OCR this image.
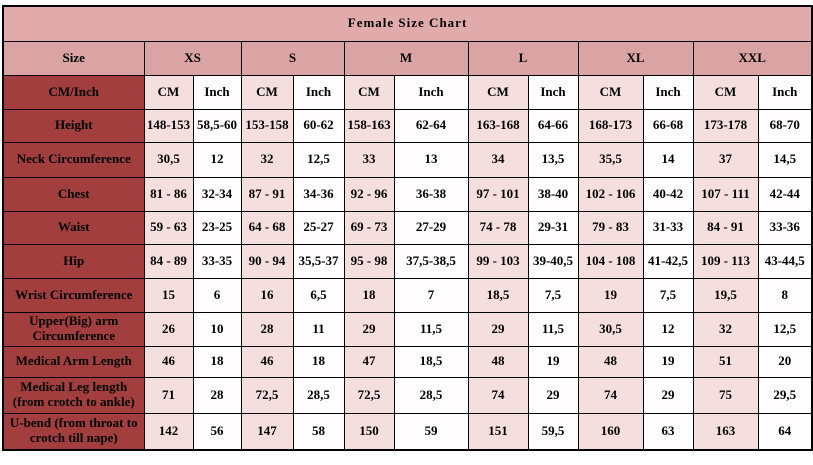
Female Size Chart												
Size	XS		S		M		L		XL		XXL	
CM/Inch	CM	Inch	CM	Inch	CM	Inch	CM	Inch	CM	Inch	CM	Inch
Height	148-153	58,5-60	153-158	60-62	158-163	62-64	163-168	64-66	168-173	66-68	173-178	68-70
Neck Circumference	30,5	12	32	12,5	33	13	34	13,5	35,5	14	37	14,5
Chest	81 - 86	32-34	87 - 91	34-36	92 - 96	36-38	97 - 101	38-40	102 - 106	40-42	107 - 111	42-44
Waist	59 - 63	23-25	64 - 68	25-27	69 - 73	27-29	74 - 78	29-31	79 - 83	31-33	84 - 91	33-36
Hip	84 - 89	33-35	90 - 94	35,5-37	95 - 98	37,5-38,5	99 - 103	39-40,5	104 - 108	41-42,5	109 - 113	43-44,5
Wrist Circumference	15	6	16	6,5	18	7	18,5	7,5	19	7,5	19,5	8
Upper(Big) arm Circumference	26	10	28	11	29	11,5	29	11,5	30,5	12	32	12,5
Medical Arm Length	46	18	46	18	47	18,5	48	19	48	19	51	20
Medical Leg length (from crotch to ankle)	71	28	72,5	28,5	72,5	28,5	74	29	74	29	75	29,5
U-bend (from throat to crotch till nape)	142	56	147	58	150	59	151	59,5	160	63	163	64
